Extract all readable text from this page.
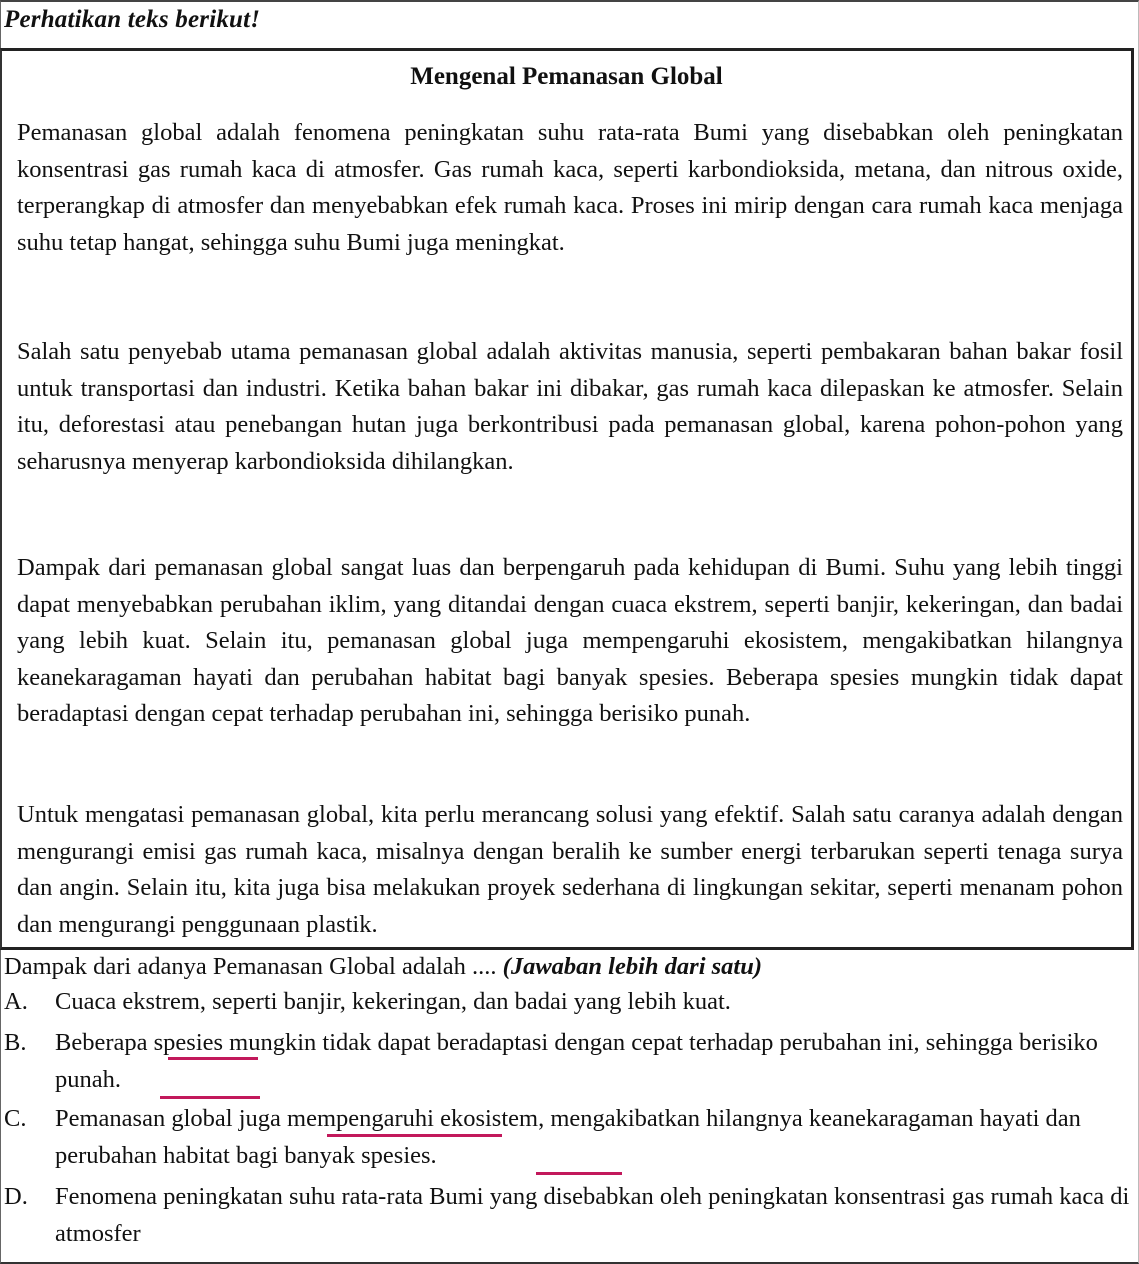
Perhatikan teks berikut!
Mengenal Pemanasan Global

Pemanasan global adalah fenomena peningkatan suhu rata-rata Bumi yang disebabkan oleh peningkatan konsentrasi gas rumah kaca di atmosfer. Gas rumah kaca, seperti karbondioksida, metana, dan nitrous oxide, terperangkap di atmosfer dan menyebabkan efek rumah kaca. Proses ini mirip dengan cara rumah kaca menjaga suhu tetap hangat, sehingga suhu Bumi juga meningkat.

Salah satu penyebab utama pemanasan global adalah aktivitas manusia, seperti pembakaran bahan bakar fosil untuk transportasi dan industri. Ketika bahan bakar ini dibakar, gas rumah kaca dilepaskan ke atmosfer. Selain itu, deforestasi atau penebangan hutan juga berkontribusi pada pemanasan global, karena pohon-pohon yang seharusnya menyerap karbondioksida dihilangkan.

Dampak dari pemanasan global sangat luas dan berpengaruh pada kehidupan di Bumi. Suhu yang lebih tinggi dapat menyebabkan perubahan iklim, yang ditandai dengan cuaca ekstrem, seperti banjir, kekeringan, dan badai yang lebih kuat. Selain itu, pemanasan global juga mempengaruhi ekosistem, mengakibatkan hilangnya keanekaragaman hayati dan perubahan habitat bagi banyak spesies. Beberapa spesies mungkin tidak dapat beradaptasi dengan cepat terhadap perubahan ini, sehingga berisiko punah.

Untuk mengatasi pemanasan global, kita perlu merancang solusi yang efektif. Salah satu caranya adalah dengan mengurangi emisi gas rumah kaca, misalnya dengan beralih ke sumber energi terbarukan seperti tenaga surya dan angin. Selain itu, kita juga bisa melakukan proyek sederhana di lingkungan sekitar, seperti menanam pohon dan mengurangi penggunaan plastik.

Dampak dari adanya Pemanasan Global adalah .... (Jawaban lebih dari satu)
A.	Cuaca ekstrem, seperti banjir, kekeringan, dan badai yang lebih kuat.
B.	Beberapa spesies mungkin tidak dapat beradaptasi dengan cepat terhadap perubahan ini, sehingga berisiko punah.
C.	Pemanasan global juga mempengaruhi ekosistem, mengakibatkan hilangnya keanekaragaman hayati dan perubahan habitat bagi banyak spesies.
D.	Fenomena peningkatan suhu rata-rata Bumi yang disebabkan oleh peningkatan konsentrasi gas rumah kaca di atmosfer
